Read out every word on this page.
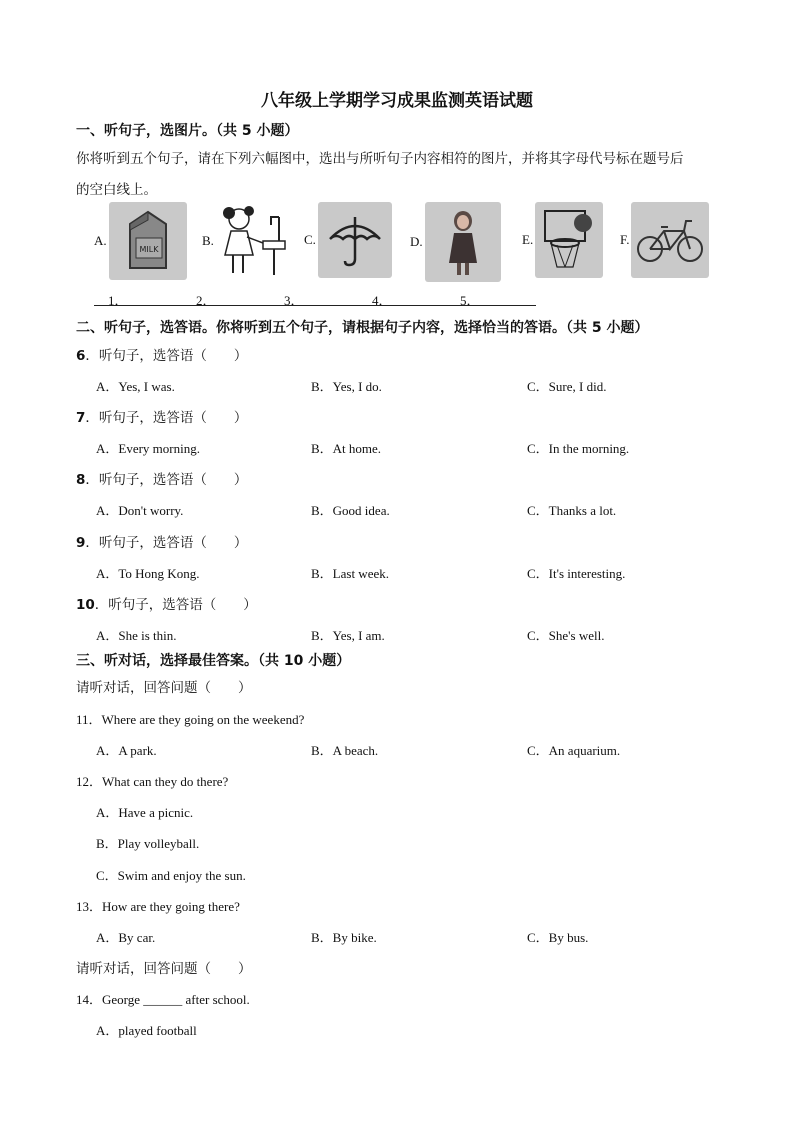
八年级上学期学习成果监测英语试题
一、听句子，选图片。（共 5 小题）
你将听到五个句子，请在下列六幅图中，选出与所听句子内容相符的图片，并将其字母代号标在题号后
的空白线上。
A.
MILK
B.	C.	D.	E.	F.
1．	2．	3．	4．	5．
二、听句子，选答语。你将听到五个句子，请根据句子内容，选择恰当的答语。（共 5 小题）
6．听句子，选答语（　　）
A．Yes, I was.	B．Yes, I do.	C．Sure, I did.
7．听句子，选答语（　　）
A．Every morning.	B．At home.	C．In the morning.
8．听句子，选答语（　　）
A．Don't worry.	B．Good idea.	C．Thanks a lot.
9．听句子，选答语（　　）
A．To Hong Kong.	B．Last week.	C．It's interesting.
10．听句子，选答语（　　）
A．She is thin.	B．Yes, I am.	C．She's well.
三、听对话，选择最佳答案。（共 10 小题）
请听对话，回答问题（　　）
11．Where are they going on the weekend?
A．A park.	B．A beach.	C．An aquarium.
12．What can they do there?
A．Have a picnic.
B．Play volleyball.
C．Swim and enjoy the sun.
13．How are they going there?
A．By car.	B．By bike.	C．By bus.
请听对话，回答问题（　　）
14．George ______ after school.
A．played football
